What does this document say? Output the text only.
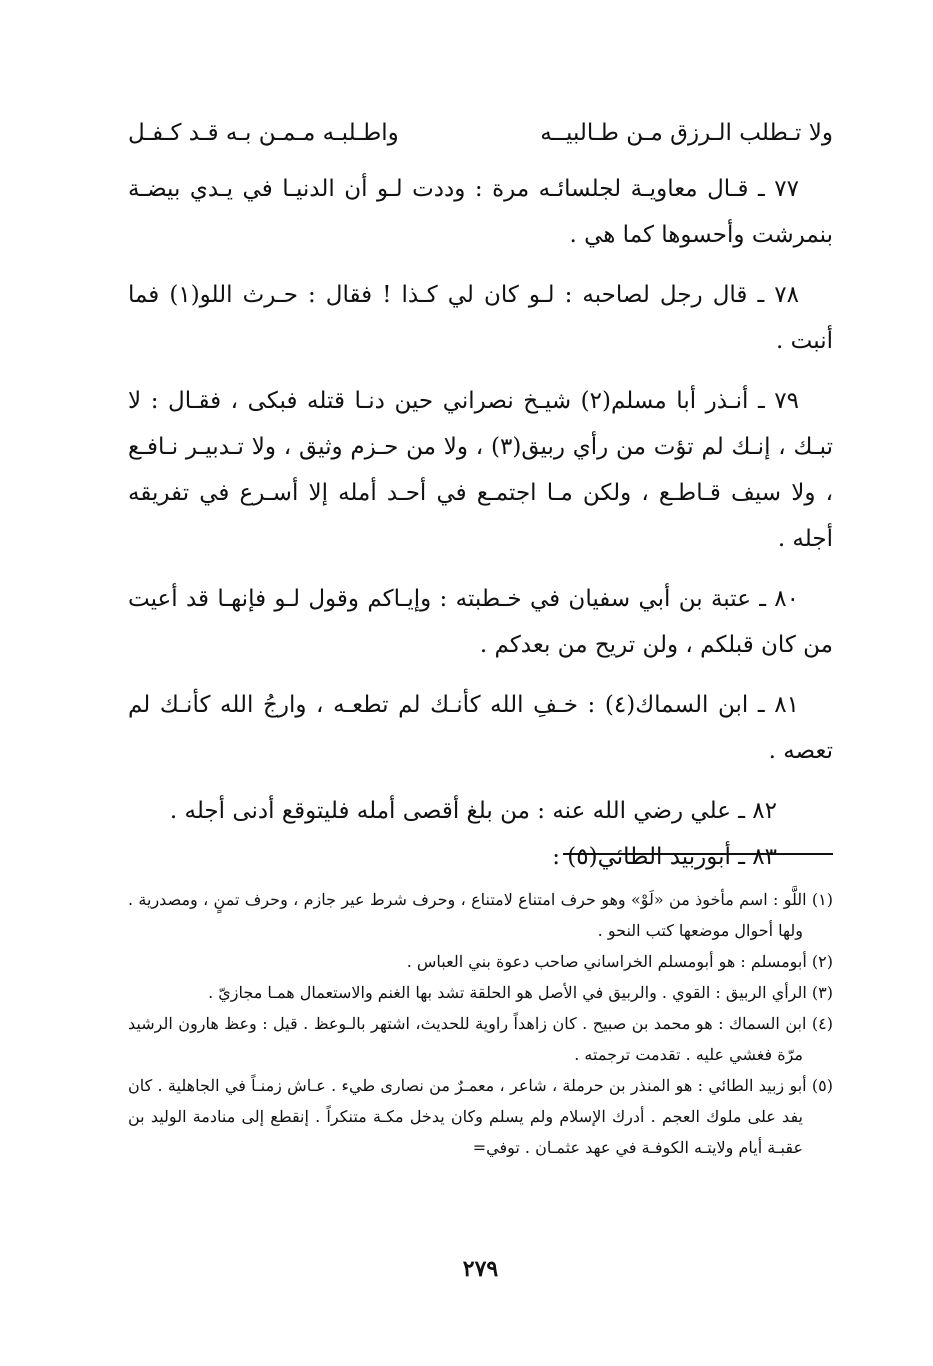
ولا تـطلب الـرزق مـن طـالبيــه
واطـلبـه مـمـن بـه قـد كـفـل

٧٧ ـ قـال معاويـة لجلسائـه مرة : وددت لـو أن الدنيـا في يـدي بيضـة بنمرشت وأحسوها كما هي .

٧٨ ـ قال رجل لصاحبه : لـو كان لي كـذا ! فقال : حـرث اللو(١) فما أنبت .

٧٩ ـ أنـذر أبا مسلم(٢) شيـخ نصراني حين دنـا قتله فبكى ، فقـال : لا تبـك ، إنـك لم تؤت من رأي ربيق(٣) ، ولا من حـزم وثيق ، ولا تـدبيـر نـافـع ، ولا سيف قـاطـع ، ولكن مـا اجتمـع في أحـد أمله إلا أسـرع في تفريقه أجله .

٨٠ ـ عتبة بن أبي سفيان في خـطبته : وإيـاكم وقول لـو فإنهـا قد أعيت من كان قبلكم ، ولن تريح من بعدكم .

٨١ ـ ابن السماك(٤) : خـفِ الله كأنـك لم تطعـه ، وارجُ الله كأنـك لم تعصه .

٨٢ ـ علي رضي الله عنه : من بلغ أقصى أمله فليتوقع أدنى أجله .

٨٣ ـ أبوزبيد الطائي(٥) :

(١) اللَّو : اسم مأخوذ من «لَوْ» وهو حرف امتناع لامتناع ، وحرف شرط عير جازم ، وحرف تمنٍ ، ومصدرية . ولها أحوال موضعها كتب النحو .

(٢) أبومسلم : هو أبومسلم الخراساني صاحب دعوة بني العباس .

(٣) الرأي الربيق : القوي . والربيق في الأصل هو الحلقة تشد بها الغنم والاستعمال همـا مجازيّ .

(٤) ابن السماك : هو محمد بن صبيح . كان زاهداً راوية للحديث، اشتهر بالـوعظ . قيل : وعظ هارون الرشيد مرّة فغشي عليه . تقدمت ترجمته .

(٥) أبو زبيد الطائي : هو المنذر بن حرملة ، شاعر ، معمـرٌ من نصارى طيء . عـاش زمنـاً في الجاهلية . كان يفد على ملوك العجم . أدرك الإسلام ولم يسلم وكان يدخل مكـة متنكراً . إنقطع إلى منادمة الوليد بن عقبـة أيام ولايتـه الكوفـة في عهد عثمـان . توفي=

٢٧٩
